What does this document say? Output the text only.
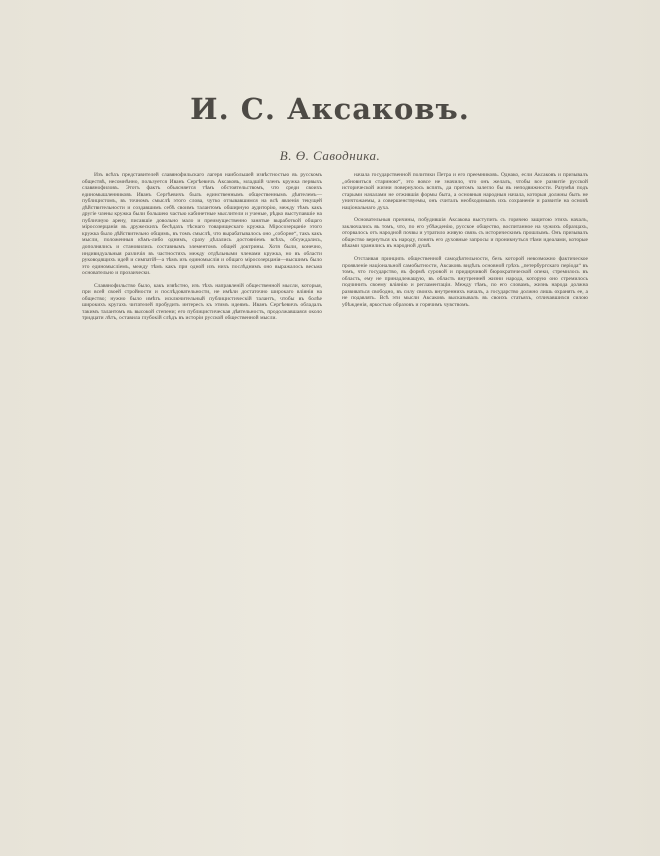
И. С. Аксаковъ.
В. Ө. Саводника.

Изъ всѣхъ представителей славянофильскаго лагеря наибольшей извѣстностью въ русскомъ обществѣ, несомнѣнно, пользуется Иванъ Сергѣевичъ Аксаковъ, младшій членъ кружка первыхъ славянофиловъ. Этотъ фактъ объясняется тѣмъ обстоятельствомъ, что среди своихъ единомышленниковъ Иванъ Сергѣевичъ былъ единственнымъ общественнымъ дѣятелемъ—публицистомъ, въ точномъ смыслѣ этого слова, чутко отзывавшимся на всѣ явленія текущей дѣйствительности и создавшимъ себѣ своимъ талантомъ обширную аудиторію, между тѣмъ какъ другіе члены кружка были большею частью кабинетные мыслители и ученые, рѣдко выступавшіе на публичную арену, писавшіе довольно мало и преимущественно занятые выработкой общаго міросозерцанія въ дружескихъ бесѣдахъ тѣснаго товарищескаго кружка. Міросозерцаніе этого кружка было дѣйствительно общимъ, въ томъ смыслѣ, что вырабатывалось оно „соборне“, такъ какъ мысли, положенныя кѣмъ-либо однимъ, сразу дѣлались достояніемъ всѣхъ, обсуждались, дополнялись и становились составнымъ элементомъ общей доктрины. Хотя были, конечно, индивидуальныя различія въ частностяхъ между отдѣльными членами кружка, но въ области руководящихъ идей и симпатій—а тѣмъ изъ единомыслія и общаго міросозерцанія—высшимъ было это единомысліемъ, между тѣмъ какъ при одной изъ нихъ послѣднимъ оно выражалось весьма основательно и прозаически.

Славянофильство было, какъ извѣстно, изъ тѣхъ направленій общественной мысли, которыя, при всей своей стройности и послѣдовательности, не имѣли достаточно широкаго вліянія на общество; нужно было имѣть исключительный публицистическій талантъ, чтобы въ болѣе широкихъ кругахъ читателей пробудить интересъ къ этимъ идеямъ. Иванъ Сергѣевичъ обладалъ такимъ талантомъ въ высокой степени; его публицистическая дѣятельность, продолжавшаяся около тридцати лѣтъ, оставила глубокій слѣдъ въ исторіи русской общественной мысли.

начала государственной политики Петра и его преемниковъ. Однако, если Аксаковъ и призывалъ „обновиться стариною“, это вовсе не значило, что онъ желалъ, чтобы все развитіе русской исторической жизни повернулось вспять, да притомъ залегло бы въ неподвижности. Разумѣя подъ старыми началами не отжившія формы быта, а основныя народныя начала, которыя должны быть не уничтожаемы, а совершенствуемы, онъ считалъ необходимымъ ихъ сохраненіе и развитіе на основѣ національнаго духа.

Основательныя причины, побудившія Аксакова выступить съ горячею защитою этихъ началъ, заключались въ томъ, что, по его убѣжденію, русское общество, воспитанное на чужихъ образцахъ, оторвалось отъ народной почвы и утратило живую связь съ историческимъ прошлымъ. Онъ призывалъ общество вернуться къ народу, понять его духовные запросы и проникнуться тѣми идеалами, которые вѣками хранились въ народной душѣ.

Отстаивая принципъ общественной самодѣятельности, безъ которой невозможно фактическое проявленіе національной самобытности, Аксаковъ видѣлъ основной грѣхъ „петербургскаго періода“ въ томъ, что государство, въ формѣ суровой и придирчивой бюрократической опеки, стремилось въ область, ему не принадлежащую, въ область внутренней жизни народа, которую оно стремилось подчинить своему вліянію и регламентаціи. Между тѣмъ, по его словамъ, жизнь народа должна развиваться свободно, въ силу своихъ внутреннихъ началъ, а государство должно лишь охранять ее, а не подавлять. Всѣ эти мысли Аксаковъ высказывалъ въ своихъ статьяхъ, отличавшихся силою убѣжденія, яркостью образовъ и горячимъ чувствомъ.
